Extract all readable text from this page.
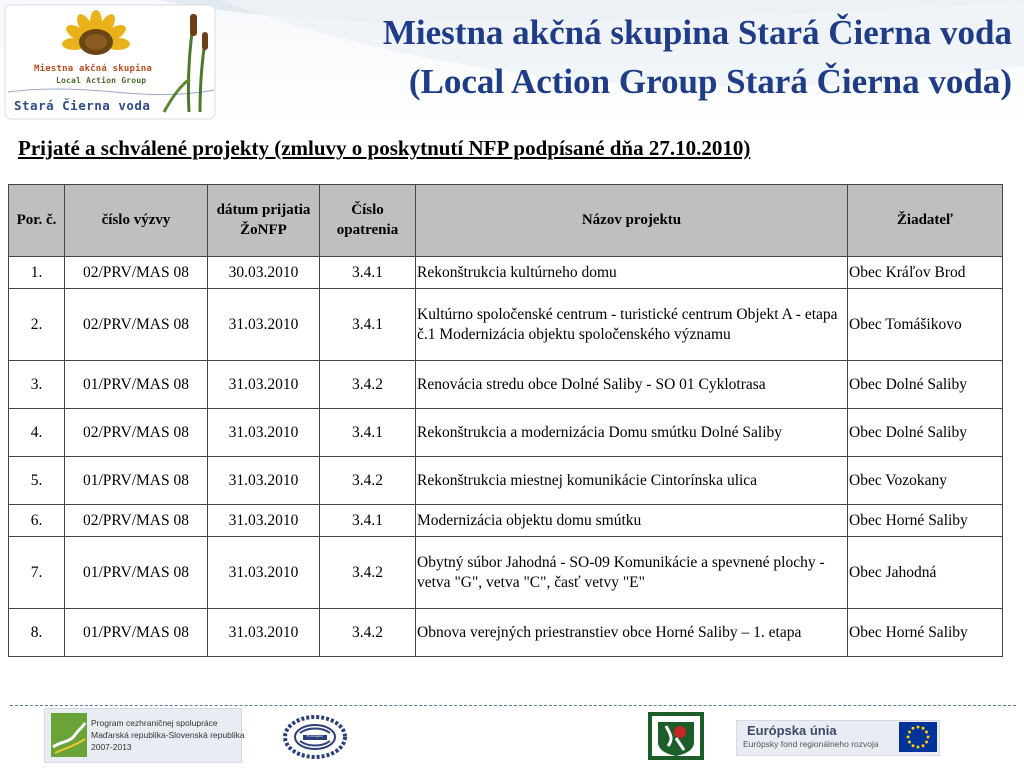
Miestna akčná skupina
Local Action Group
Stará Čierna voda
Miestna akčná skupina Stará Čierna voda
(Local Action Group Stará Čierna voda)
Prijaté a schválené projekty (zmluvy o poskytnutí NFP podpísané dňa 27.10.2010)
Por. č.	číslo výzvy	dátum prijatia ŽoNFP	Číslo opatrenia	Názov projektu	Žiadateľ
1.	02/PRV/MAS 08	30.03.2010	3.4.1	Rekonštrukcia kultúrneho domu	Obec Kráľov Brod
2.	02/PRV/MAS 08	31.03.2010	3.4.1	Kultúrno spoločenské centrum - turistické centrum Objekt A - etapa č.1 Modernizácia objektu spoločenského významu	Obec Tomášikovo
3.	01/PRV/MAS 08	31.03.2010	3.4.2	Renovácia stredu obce Dolné Saliby - SO 01 Cyklotrasa	Obec Dolné Saliby
4.	02/PRV/MAS 08	31.03.2010	3.4.1	Rekonštrukcia a modernizácia Domu smútku Dolné Saliby	Obec Dolné Saliby
5.	01/PRV/MAS 08	31.03.2010	3.4.2	Rekonštrukcia miestnej komunikácie Cintorínska ulica	Obec Vozokany
6.	02/PRV/MAS 08	31.03.2010	3.4.1	Modernizácia objektu domu smútku	Obec Horné Saliby
7.	01/PRV/MAS 08	31.03.2010	3.4.2	Obytný súbor Jahodná - SO-09 Komunikácie a spevnené plochy - vetva "G", vetva "C", časť vetvy "E"	Obec Jahodná
8.	01/PRV/MAS 08	31.03.2010	3.4.2	Obnova verejných priestranstiev obce Horné Saliby – 1. etapa	Obec Horné Saliby
Program cezhraničnej spolupráce
Maďarská republika-Slovenská republika
2007-2013
Euroregion	Európska únia
Európsky fond regionálneho rozvoja
